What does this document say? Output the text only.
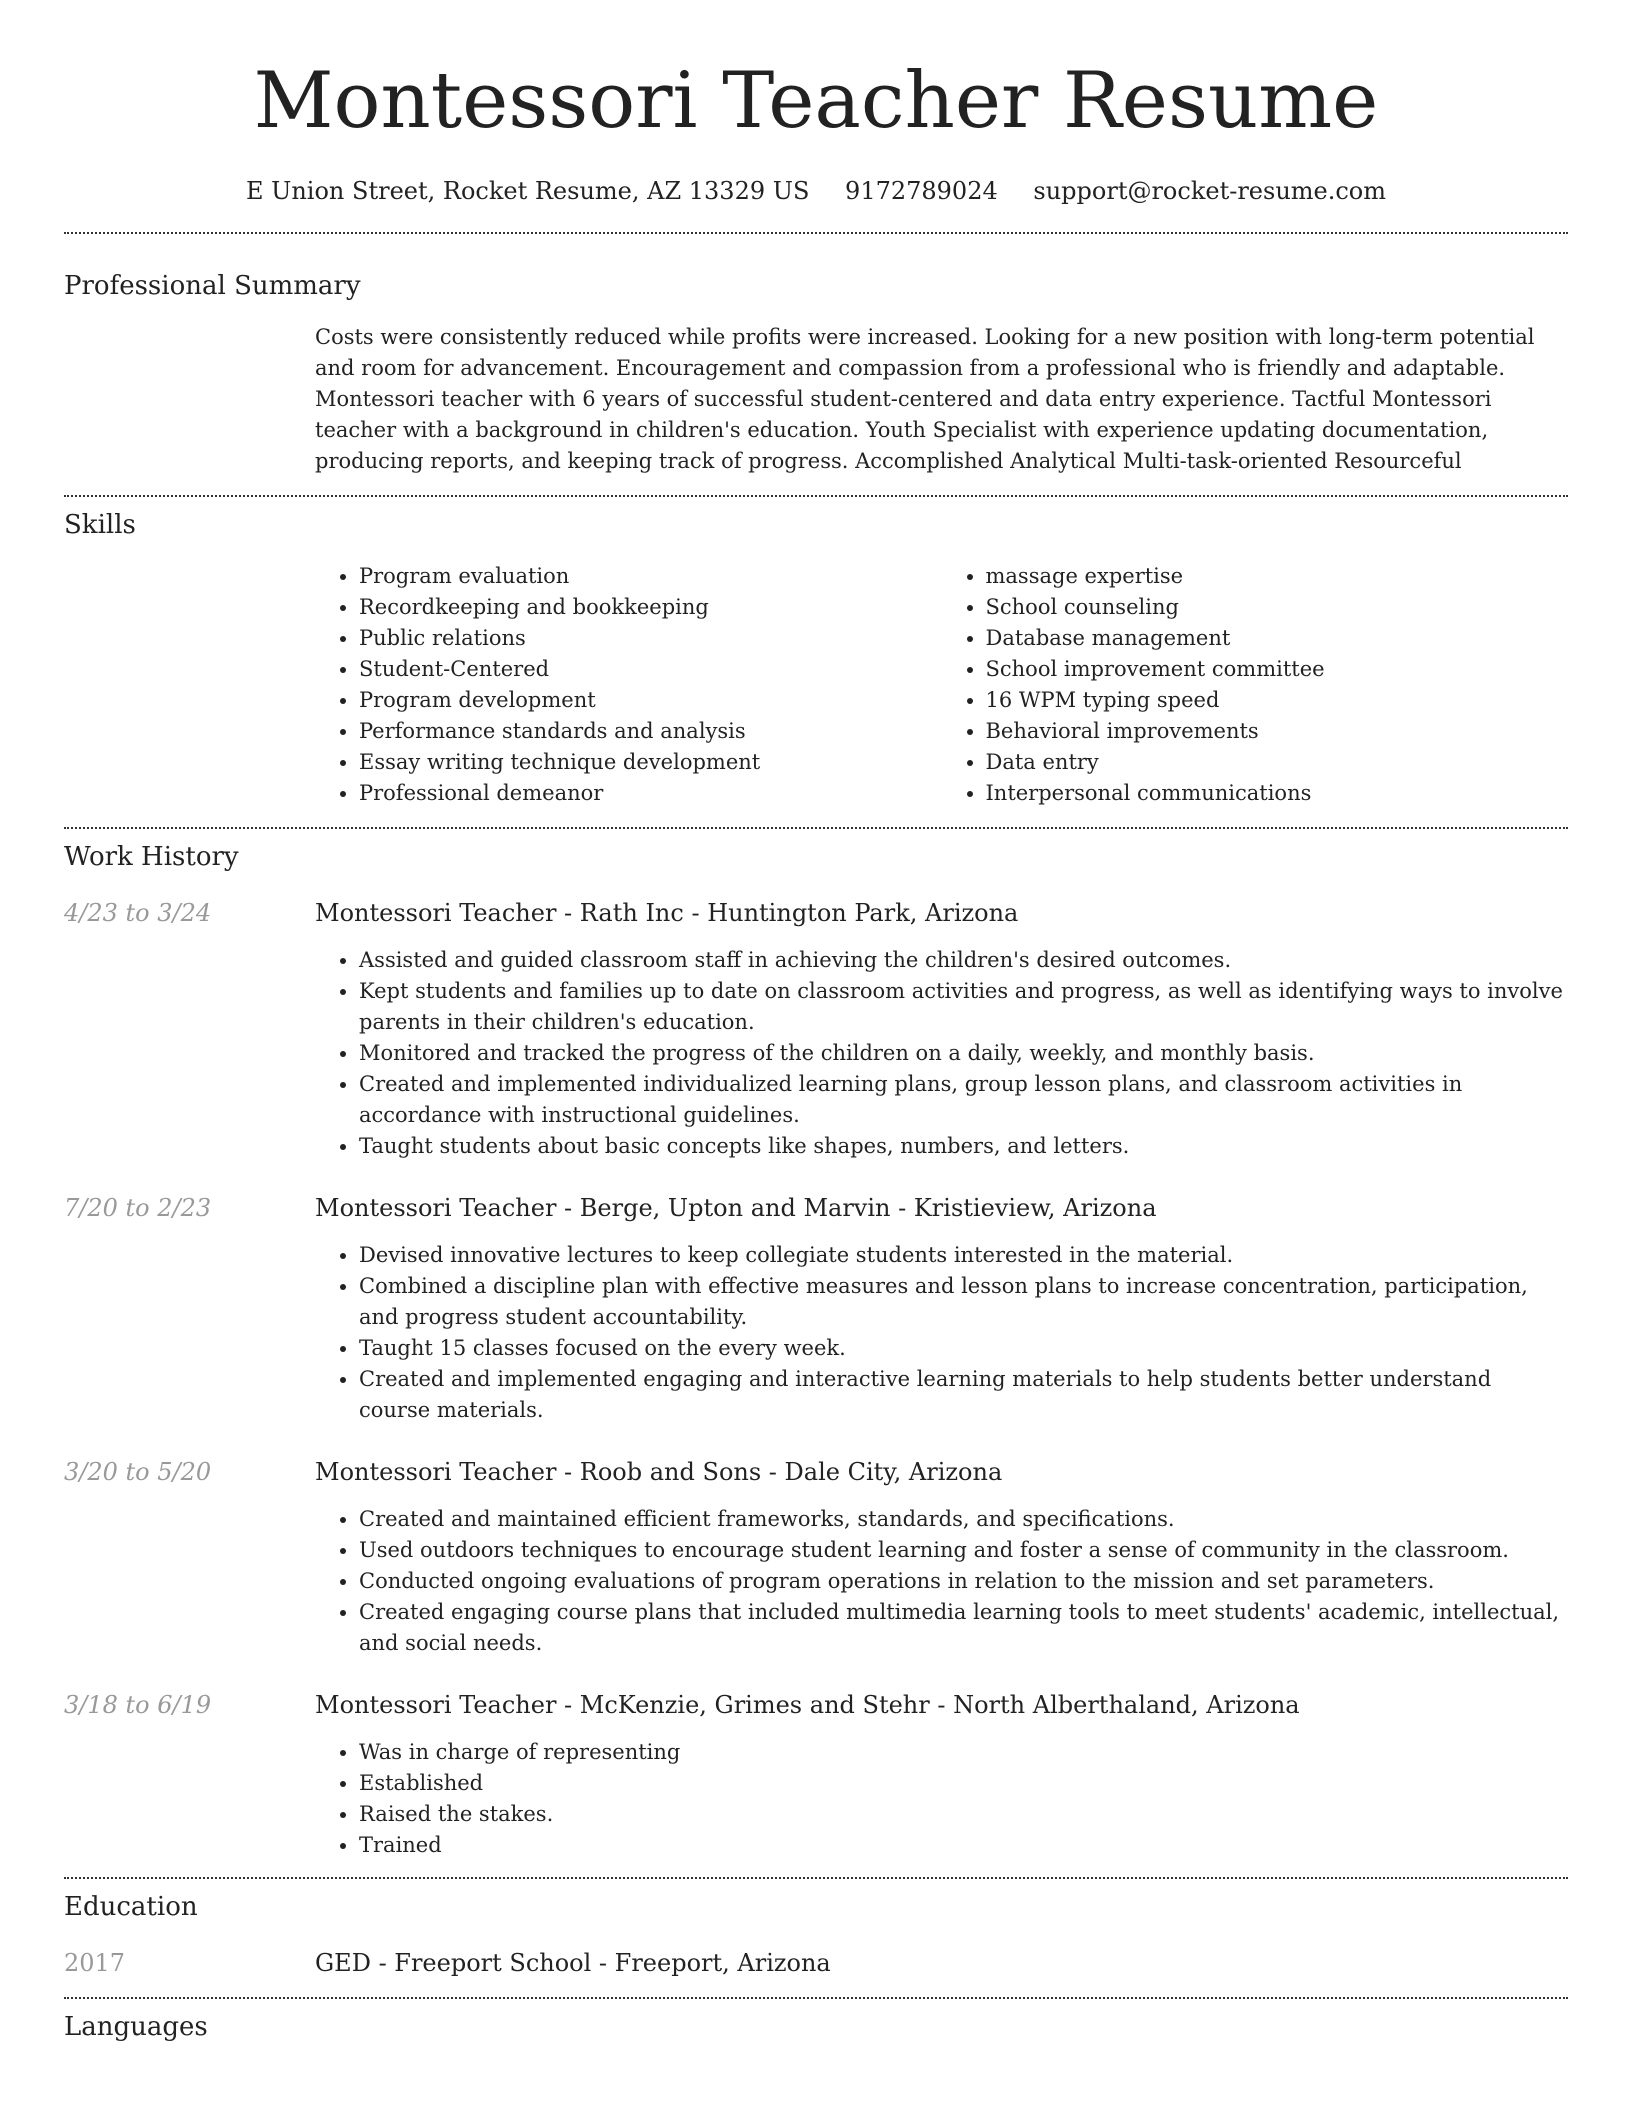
Montessori Teacher Resume
E Union Street, Rocket Resume, AZ 13329 US 9172789024 support@rocket-resume.com
Professional Summary

Costs were consistently reduced while profits were increased. Looking for a new position with long-term potential and room for advancement. Encouragement and compassion from a professional who is friendly and adaptable. Montessori teacher with 6 years of successful student-centered and data entry experience. Tactful Montessori teacher with a background in children's education. Youth Specialist with experience updating documentation, producing reports, and keeping track of progress. Accomplished Analytical Multi-task-oriented Resourceful

Skills
• Program evaluation
• Recordkeeping and bookkeeping
• Public relations
• Student-Centered
• Program development
• Performance standards and analysis
• Essay writing technique development
• Professional demeanor
• massage expertise
• School counseling
• Database management
• School improvement committee
• 16 WPM typing speed
• Behavioral improvements
• Data entry
• Interpersonal communications
Work History
4/23 to 3/24	Montessori Teacher - Rath Inc - Huntington Park, Arizona
• Assisted and guided classroom staff in achieving the children's desired outcomes.
• Kept students and families up to date on classroom activities and progress, as well as identifying ways to involve parents in their children's education.
• Monitored and tracked the progress of the children on a daily, weekly, and monthly basis.
• Created and implemented individualized learning plans, group lesson plans, and classroom activities in accordance with instructional guidelines.
• Taught students about basic concepts like shapes, numbers, and letters.
7/20 to 2/23	Montessori Teacher - Berge, Upton and Marvin - Kristieview, Arizona
• Devised innovative lectures to keep collegiate students interested in the material.
• Combined a discipline plan with effective measures and lesson plans to increase concentration, participation, and progress student accountability.
• Taught 15 classes focused on the every week.
• Created and implemented engaging and interactive learning materials to help students better understand course materials.
3/20 to 5/20	Montessori Teacher - Roob and Sons - Dale City, Arizona
• Created and maintained efficient frameworks, standards, and specifications.
• Used outdoors techniques to encourage student learning and foster a sense of community in the classroom.
• Conducted ongoing evaluations of program operations in relation to the mission and set parameters.
• Created engaging course plans that included multimedia learning tools to meet students' academic, intellectual, and social needs.
3/18 to 6/19	Montessori Teacher - McKenzie, Grimes and Stehr - North Alberthaland, Arizona
• Was in charge of representing
• Established
• Raised the stakes.
• Trained
Education
2017	GED - Freeport School - Freeport, Arizona
Languages
